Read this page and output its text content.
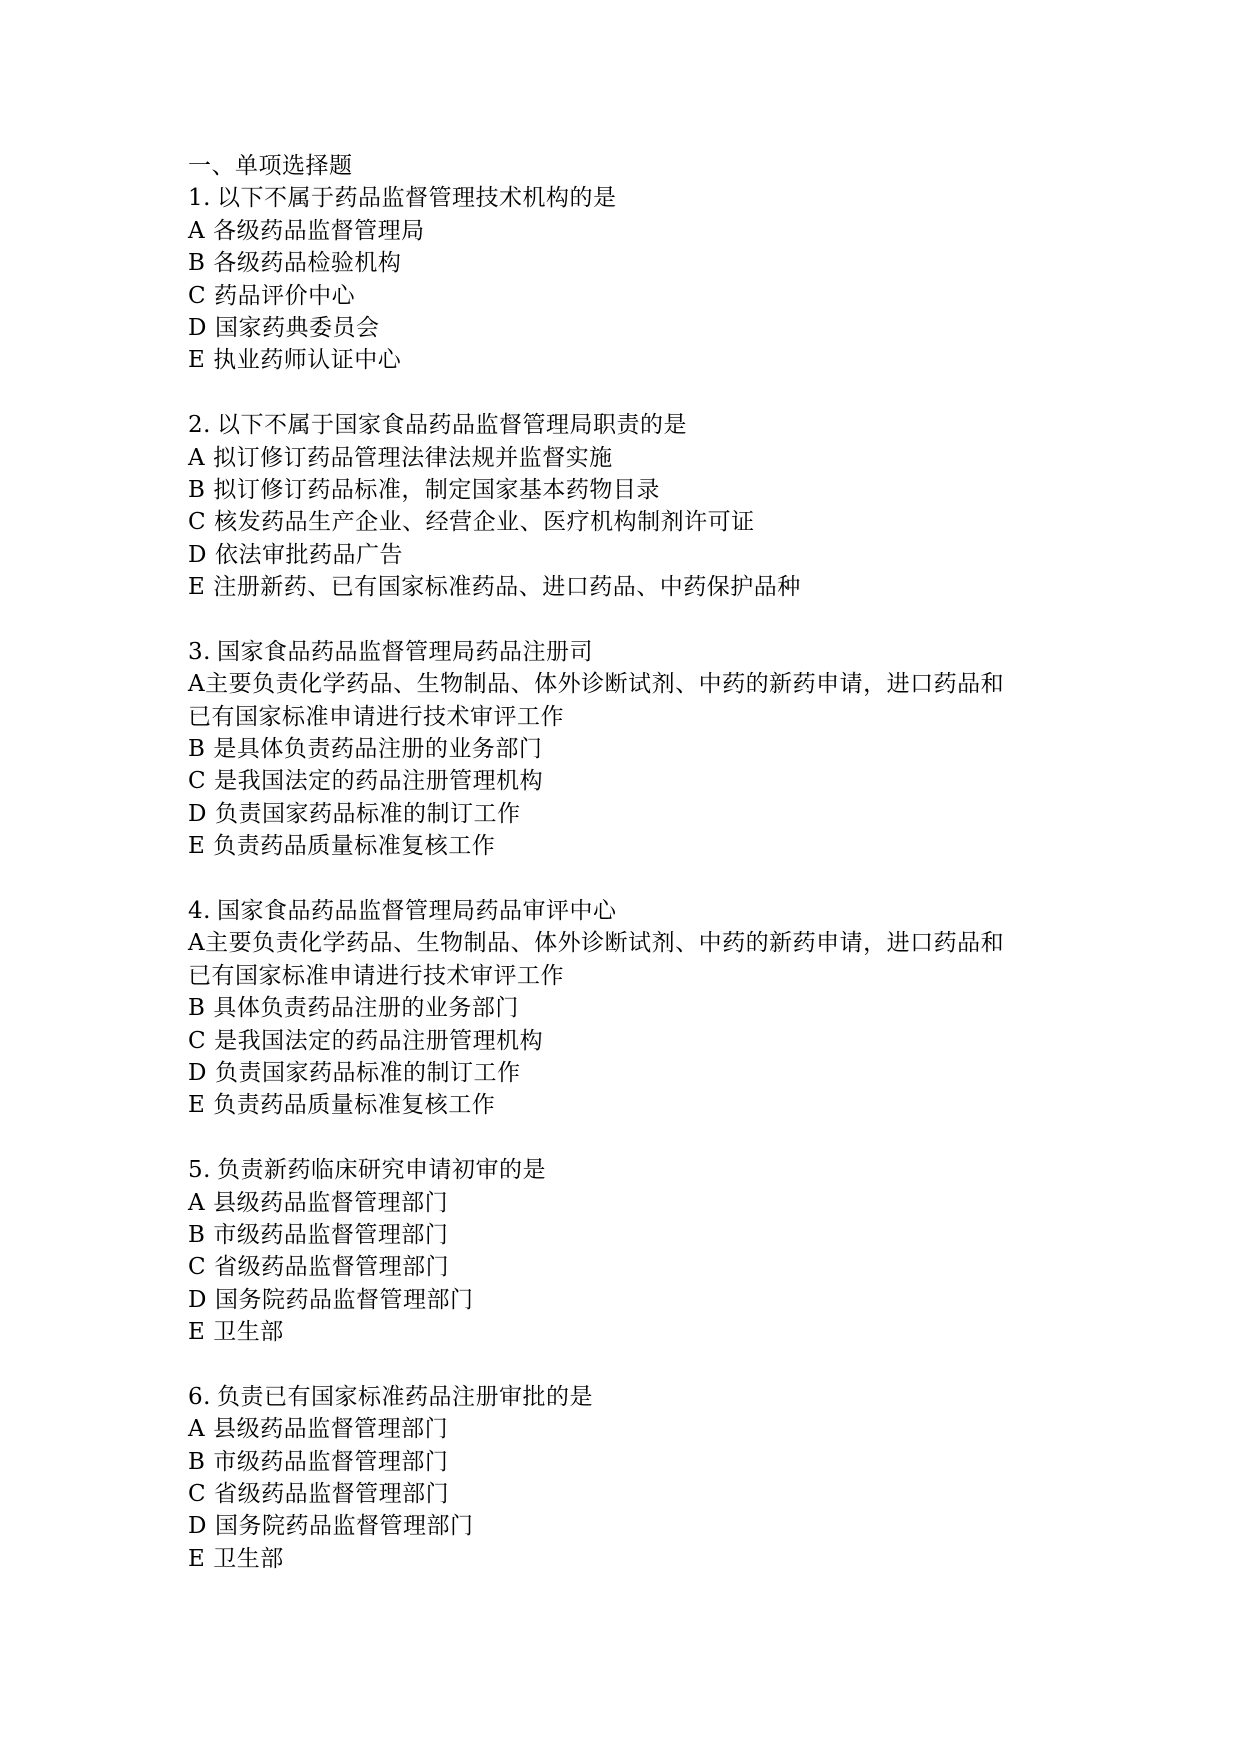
一、单项选择题
1. 以下不属于药品监督管理技术机构的是
A 各级药品监督管理局
B 各级药品检验机构
C 药品评价中心
D 国家药典委员会
E 执业药师认证中心
2. 以下不属于国家食品药品监督管理局职责的是
A 拟订修订药品管理法律法规并监督实施
B 拟订修订药品标准，制定国家基本药物目录
C 核发药品生产企业、经营企业、医疗机构制剂许可证
D 依法审批药品广告
E 注册新药、已有国家标准药品、进口药品、中药保护品种
3. 国家食品药品监督管理局药品注册司
A主要负责化学药品、生物制品、体外诊断试剂、中药的新药申请，进口药品和
已有国家标准申请进行技术审评工作
B 是具体负责药品注册的业务部门
C 是我国法定的药品注册管理机构
D 负责国家药品标准的制订工作
E 负责药品质量标准复核工作
4. 国家食品药品监督管理局药品审评中心
A主要负责化学药品、生物制品、体外诊断试剂、中药的新药申请，进口药品和
已有国家标准申请进行技术审评工作
B 具体负责药品注册的业务部门
C 是我国法定的药品注册管理机构
D 负责国家药品标准的制订工作
E 负责药品质量标准复核工作
5. 负责新药临床研究申请初审的是
A 县级药品监督管理部门
B 市级药品监督管理部门
C 省级药品监督管理部门
D 国务院药品监督管理部门
E 卫生部
6. 负责已有国家标准药品注册审批的是
A 县级药品监督管理部门
B 市级药品监督管理部门
C 省级药品监督管理部门
D 国务院药品监督管理部门
E 卫生部
